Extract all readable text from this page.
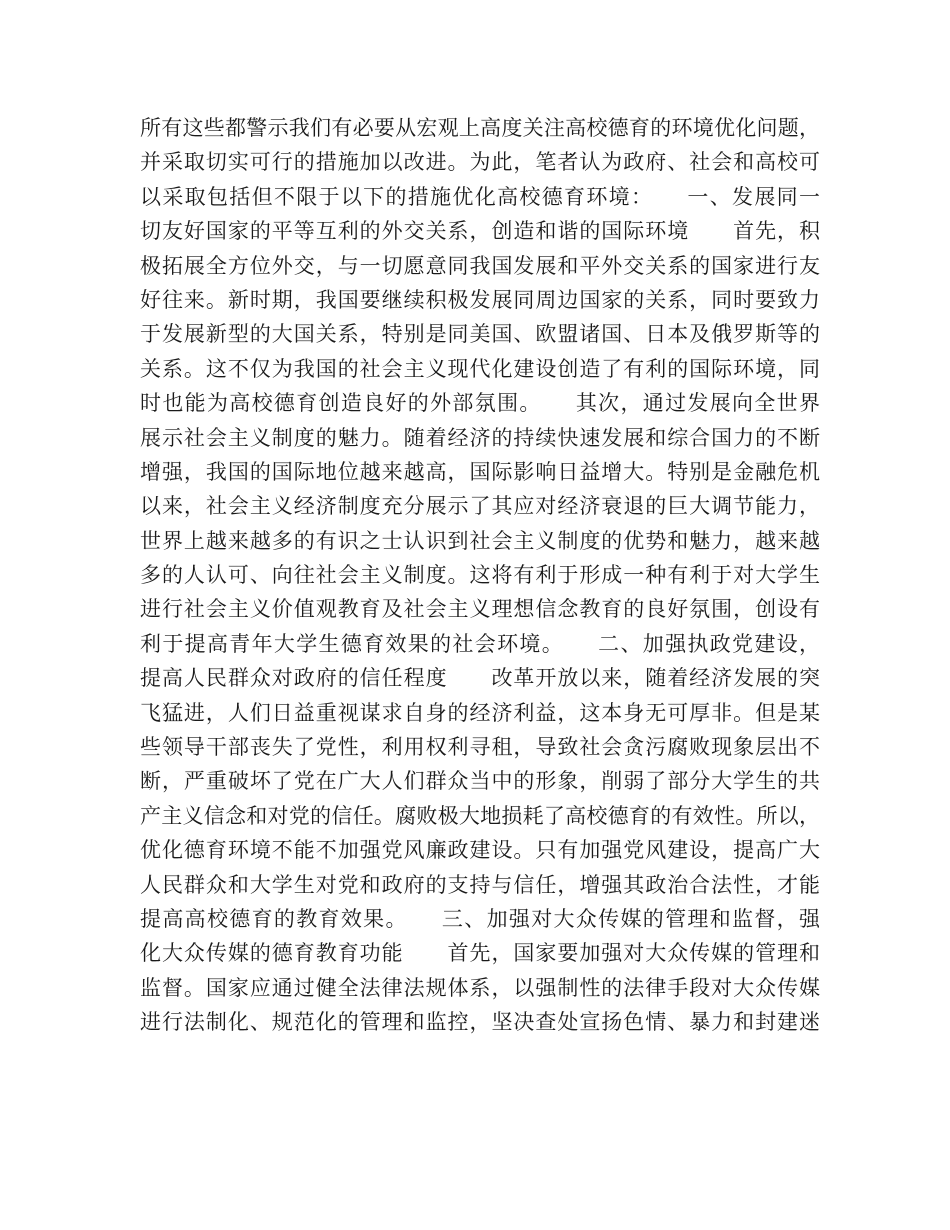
所有这些都警示我们有必要从宏观上高度关注高校德育的环境优化问题，
并采取切实可行的措施加以改进。为此，笔者认为政府、社会和高校可
以采取包括但不限于以下的措施优化高校德育环境：　　一、发展同一
切友好国家的平等互利的外交关系，创造和谐的国际环境　　首先，积
极拓展全方位外交，与一切愿意同我国发展和平外交关系的国家进行友
好往来。新时期，我国要继续积极发展同周边国家的关系，同时要致力
于发展新型的大国关系，特别是同美国、欧盟诸国、日本及俄罗斯等的
关系。这不仅为我国的社会主义现代化建设创造了有利的国际环境，同
时也能为高校德育创造良好的外部氛围。　　其次，通过发展向全世界
展示社会主义制度的魅力。随着经济的持续快速发展和综合国力的不断
增强，我国的国际地位越来越高，国际影响日益增大。特别是金融危机
以来，社会主义经济制度充分展示了其应对经济衰退的巨大调节能力，
世界上越来越多的有识之士认识到社会主义制度的优势和魅力，越来越
多的人认可、向往社会主义制度。这将有利于形成一种有利于对大学生
进行社会主义价值观教育及社会主义理想信念教育的良好氛围，创设有
利于提高青年大学生德育效果的社会环境。　　二、加强执政党建设，
提高人民群众对政府的信任程度　　改革开放以来，随着经济发展的突
飞猛进，人们日益重视谋求自身的经济利益，这本身无可厚非。但是某
些领导干部丧失了党性，利用权利寻租，导致社会贪污腐败现象层出不
断，严重破坏了党在广大人们群众当中的形象，削弱了部分大学生的共
产主义信念和对党的信任。腐败极大地损耗了高校德育的有效性。所以，
优化德育环境不能不加强党风廉政建设。只有加强党风建设，提高广大
人民群众和大学生对党和政府的支持与信任，增强其政治合法性，才能
提高高校德育的教育效果。　　三、加强对大众传媒的管理和监督，强
化大众传媒的德育教育功能　　首先，国家要加强对大众传媒的管理和
监督。国家应通过健全法律法规体系，以强制性的法律手段对大众传媒
进行法制化、规范化的管理和监控，坚决查处宣扬色情、暴力和封建迷
